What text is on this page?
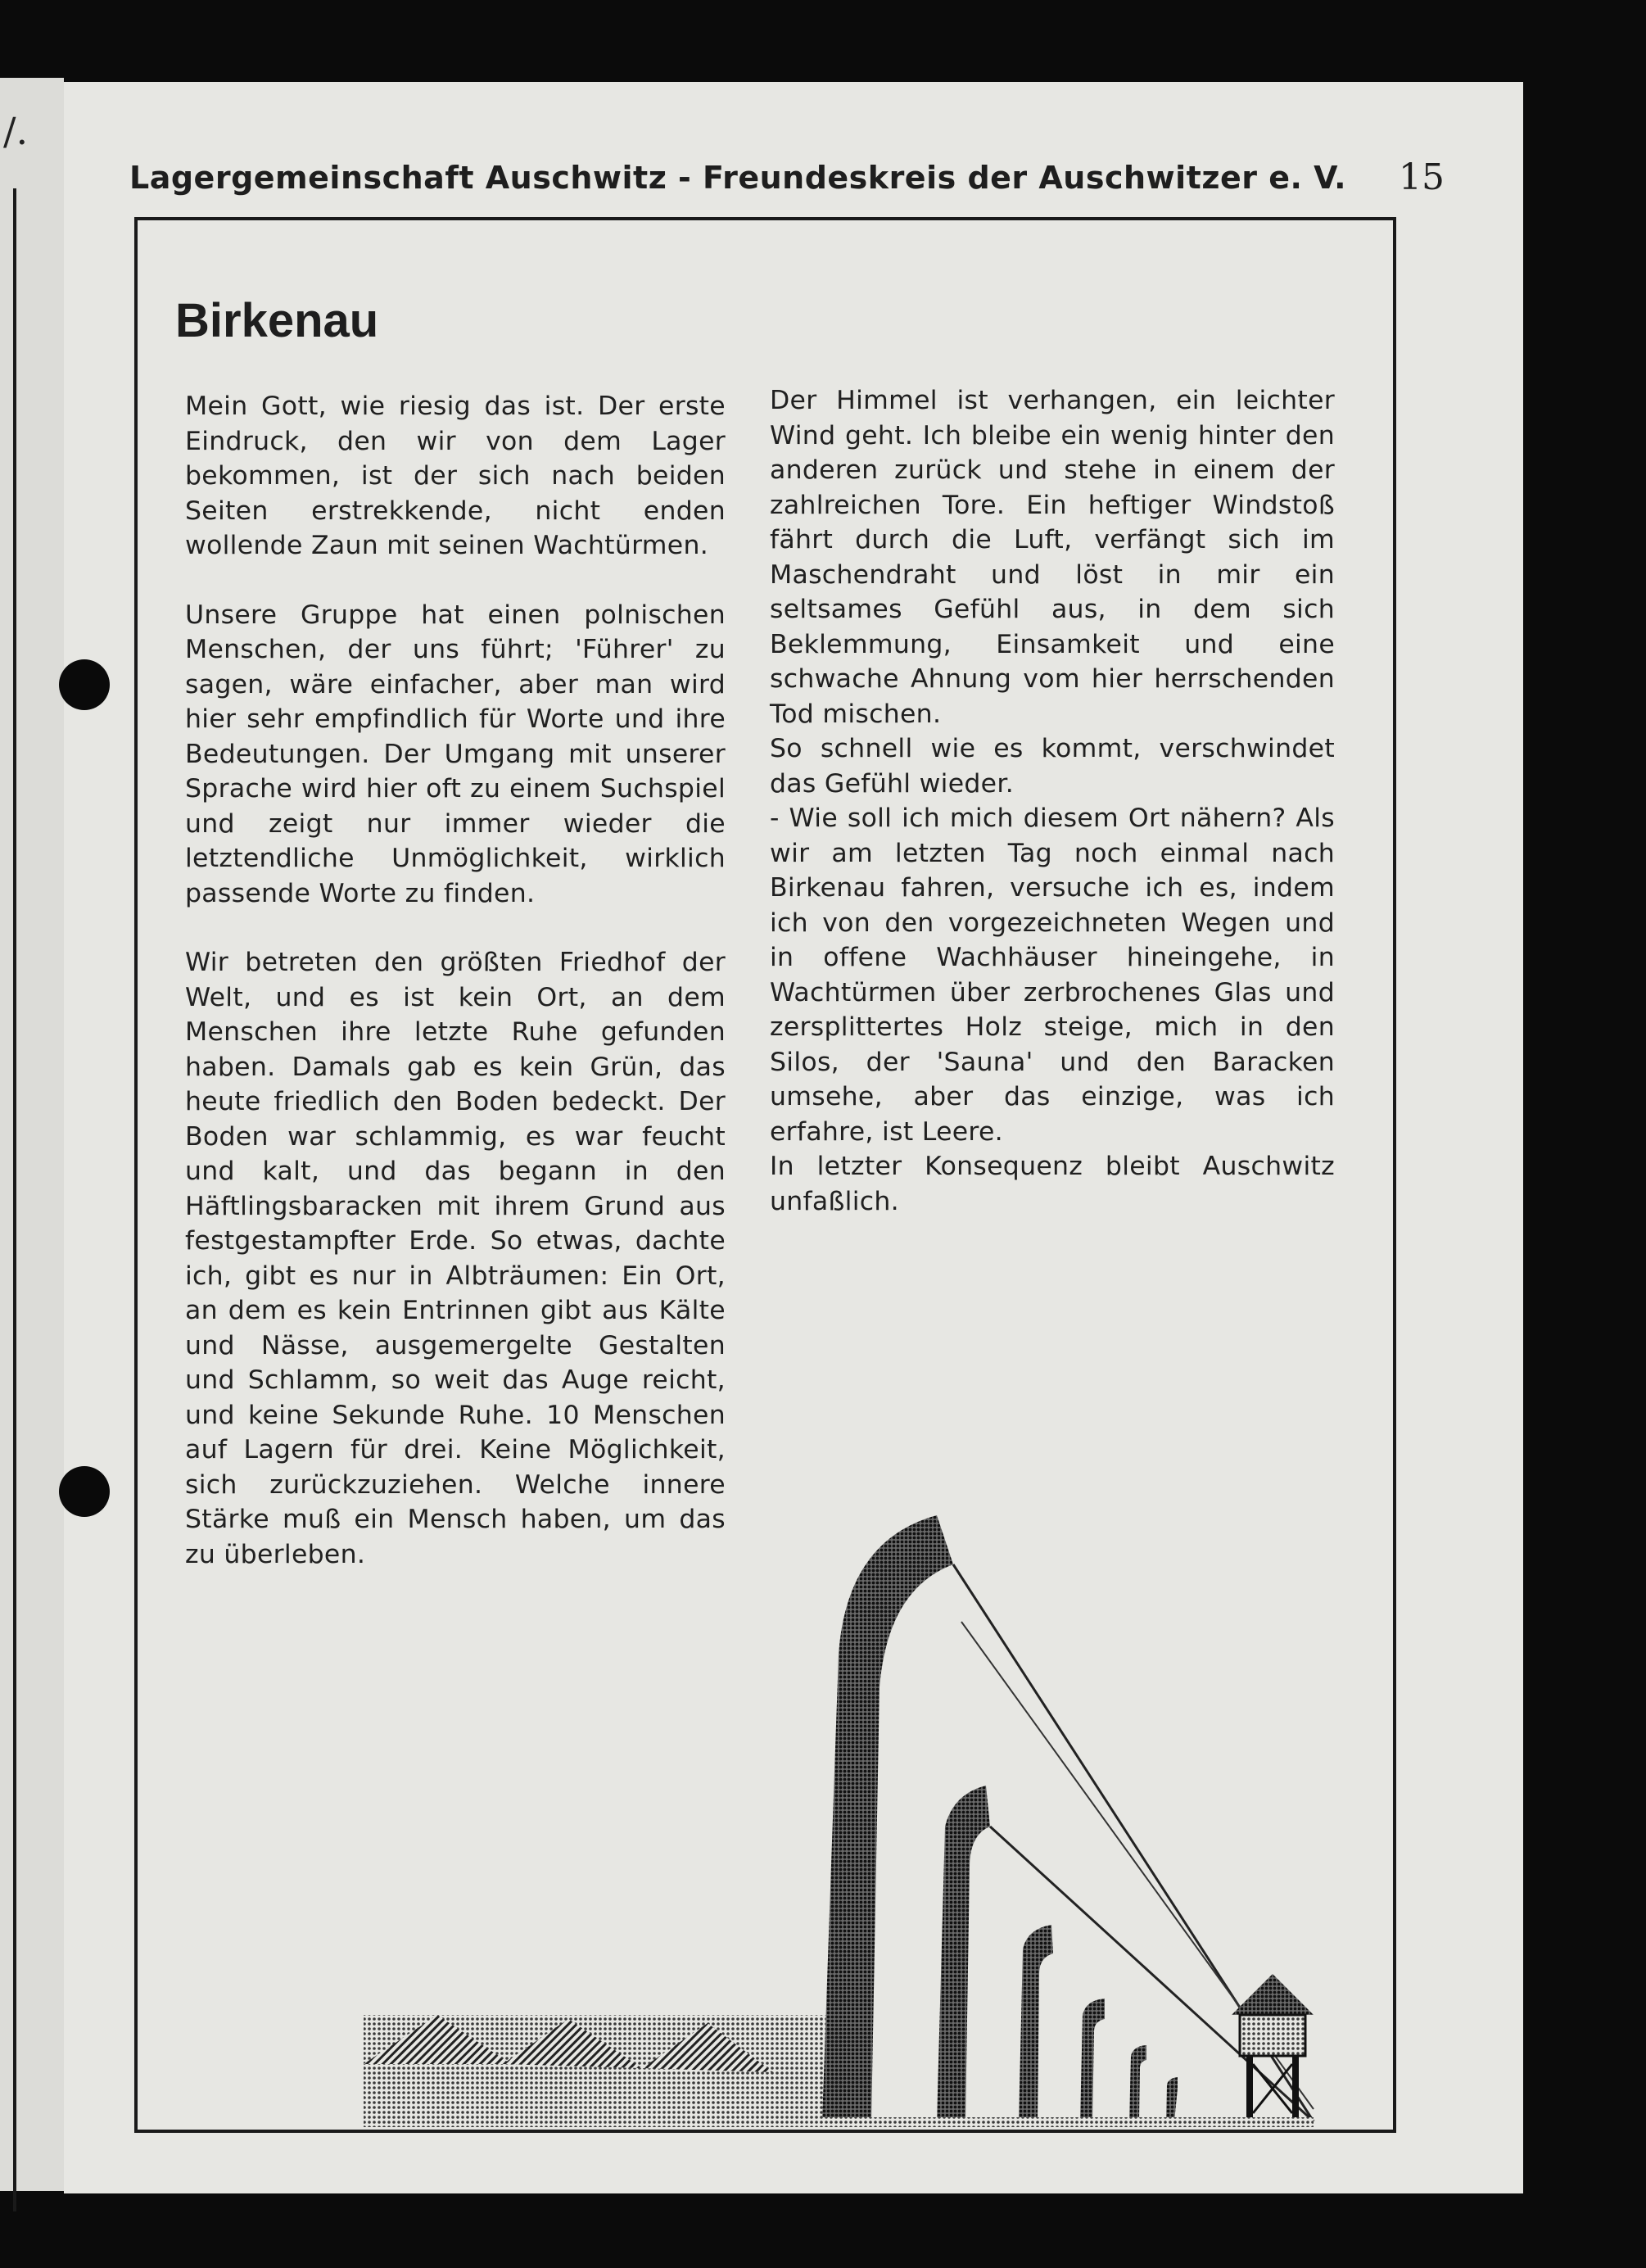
/.
Lagergemeinschaft Auschwitz - Freundeskreis der Auschwitzer e. V. 15
Birkenau

Mein Gott, wie riesig das ist. Der erste Eindruck, den wir von dem Lager bekommen, ist der sich nach beiden Seiten erstrekkende, nicht enden wollende Zaun mit seinen Wachtürmen.

Unsere Gruppe hat einen polnischen Menschen, der uns führt; 'Führer' zu sagen, wäre einfacher, aber man wird hier sehr empfindlich für Worte und ihre Bedeutungen. Der Umgang mit unserer Sprache wird hier oft zu einem Suchspiel und zeigt nur immer wieder die letztendliche Unmöglichkeit, wirklich passende Worte zu finden.

Wir betreten den größten Friedhof der Welt, und es ist kein Ort, an dem Menschen ihre letzte Ruhe gefunden haben. Damals gab es kein Grün, das heute friedlich den Boden bedeckt. Der Boden war schlammig, es war feucht und kalt, und das begann in den Häftlingsbaracken mit ihrem Grund aus festgestampfter Erde. So etwas, dachte ich, gibt es nur in Albträumen: Ein Ort, an dem es kein Entrinnen gibt aus Kälte und Nässe, ausgemergelte Gestalten und Schlamm, so weit das Auge reicht, und keine Sekunde Ruhe. 10 Menschen auf Lagern für drei. Keine Möglichkeit, sich zurückzuziehen. Welche innere Stärke muß ein Mensch haben, um das zu überleben.

Der Himmel ist verhangen, ein leichter Wind geht. Ich bleibe ein wenig hinter den anderen zurück und stehe in einem der zahlreichen Tore. Ein heftiger Windstoß fährt durch die Luft, verfängt sich im Maschendraht und löst in mir ein seltsames Gefühl aus, in dem sich Beklemmung, Einsamkeit und eine schwache Ahnung vom hier herrschenden Tod mischen.

So schnell wie es kommt, verschwindet das Gefühl wieder.

- Wie soll ich mich diesem Ort nähern? Als wir am letzten Tag noch einmal nach Birkenau fahren, versuche ich es, indem ich von den vorgezeichneten Wegen und in offene Wachhäuser hineingehe, in Wachtürmen über zerbrochenes Glas und zersplittertes Holz steige, mich in den Silos, der 'Sauna' und den Baracken umsehe, aber das einzige, was ich erfahre, ist Leere.

In letzter Konsequenz bleibt Auschwitz unfaßlich.
